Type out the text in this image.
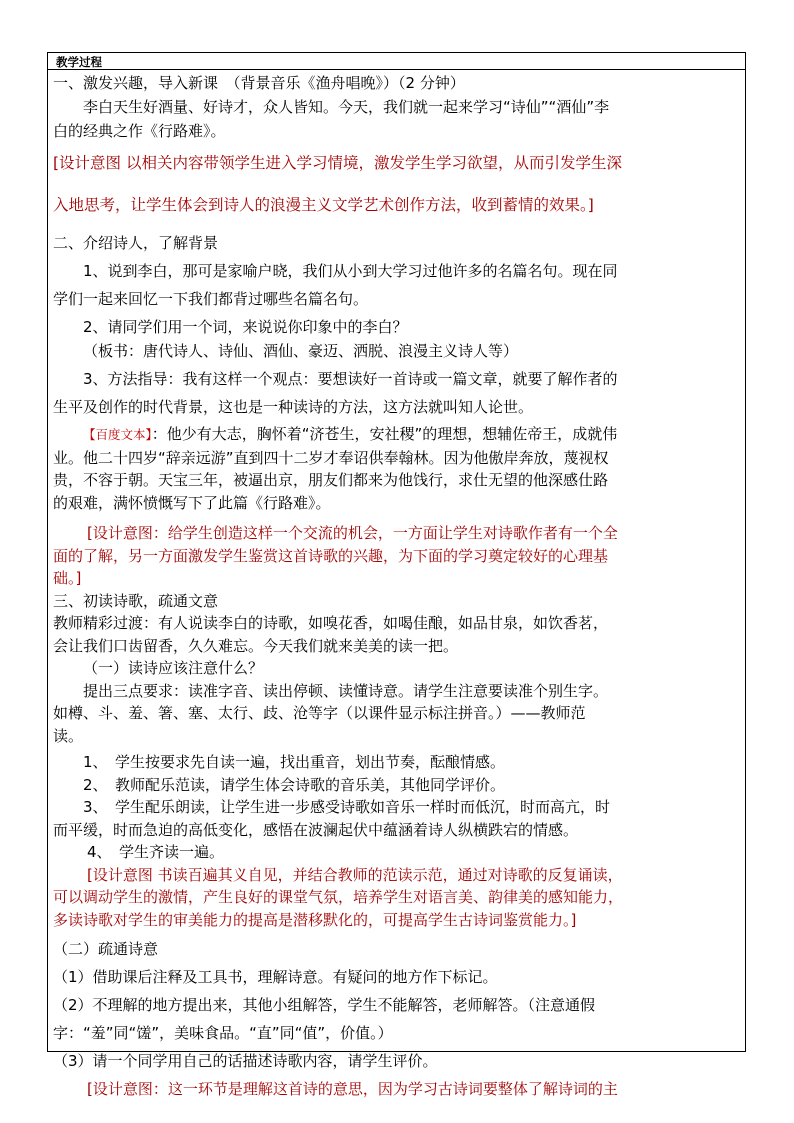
教学过程

一、激发兴趣，导入新课　（背景音乐《渔舟唱晚》）（2 分钟）

李白天生好酒量、好诗才，众人皆知。今天，我们就一起来学习“诗仙”“酒仙”李

白的经典之作《行路难》。

[设计意图 以相关内容带领学生进入学习情境，激发学生学习欲望，从而引发学生深

入地思考，让学生体会到诗人的浪漫主义文学艺术创作方法，收到蓄情的效果。]

二、介绍诗人，了解背景

1、说到李白，那可是家喻户晓，我们从小到大学习过他许多的名篇名句。现在同

学们一起来回忆一下我们都背过哪些名篇名句。

2、请同学们用一个词，来说说你印象中的李白？

（板书：唐代诗人、诗仙、酒仙、豪迈、洒脱、浪漫主义诗人等）

3、方法指导：我有这样一个观点：要想读好一首诗或一篇文章，就要了解作者的

生平及创作的时代背景，这也是一种读诗的方法，这方法就叫知人论世。

【百度文本】：他少有大志，胸怀着“济苍生，安社稷”的理想，想辅佐帝王，成就伟

业。他二十四岁“辞亲远游”直到四十二岁才奉诏供奉翰林。因为他傲岸奔放，蔑视权

贵，不容于朝。天宝三年，被逼出京，朋友们都来为他饯行，求仕无望的他深感仕路

的艰难，满怀愤慨写下了此篇《行路难》。

[设计意图：给学生创造这样一个交流的机会，一方面让学生对诗歌作者有一个全

面的了解，另一方面激发学生鉴赏这首诗歌的兴趣，为下面的学习奠定较好的心理基

础。]

三、初读诗歌，疏通文意

教师精彩过渡：有人说读李白的诗歌，如嗅花香，如喝佳酿，如品甘泉，如饮香茗，

会让我们口齿留香，久久难忘。今天我们就来美美的读一把。

（一）读诗应该注意什么？

提出三点要求：读准字音、读出停顿、读懂诗意。请学生注意要读准个别生字。

如樽、斗、羞、箸、塞、太行、歧、沧等字（以课件显示标注拼音。）——教师范

读。

1、　学生按要求先自读一遍，找出重音，划出节奏，酝酿情感。

2、　教师配乐范读，请学生体会诗歌的音乐美，其他同学评价。

3、　学生配乐朗读，让学生进一步感受诗歌如音乐一样时而低沉，时而高亢，时

而平缓，时而急迫的高低变化，感悟在波澜起伏中蕴涵着诗人纵横跌宕的情感。

4、　学生齐读一遍。

[设计意图 书读百遍其义自见，并结合教师的范读示范，通过对诗歌的反复诵读，

可以调动学生的激情，产生良好的课堂气氛，培养学生对语言美、韵律美的感知能力，

多读诗歌对学生的审美能力的提高是潜移默化的，可提高学生古诗词鉴赏能力。]

（二）疏通诗意

（1）借助课后注释及工具书，理解诗意。有疑问的地方作下标记。

（2）不理解的地方提出来，其他小组解答，学生不能解答，老师解答。（注意通假

字：“羞”同“馐”，美味食品。“直”同“值”，价值。）

（3）请一个同学用自己的话描述诗歌内容，请学生评价。

[设计意图：这一环节是理解这首诗的意思，因为学习古诗词要整体了解诗词的主
